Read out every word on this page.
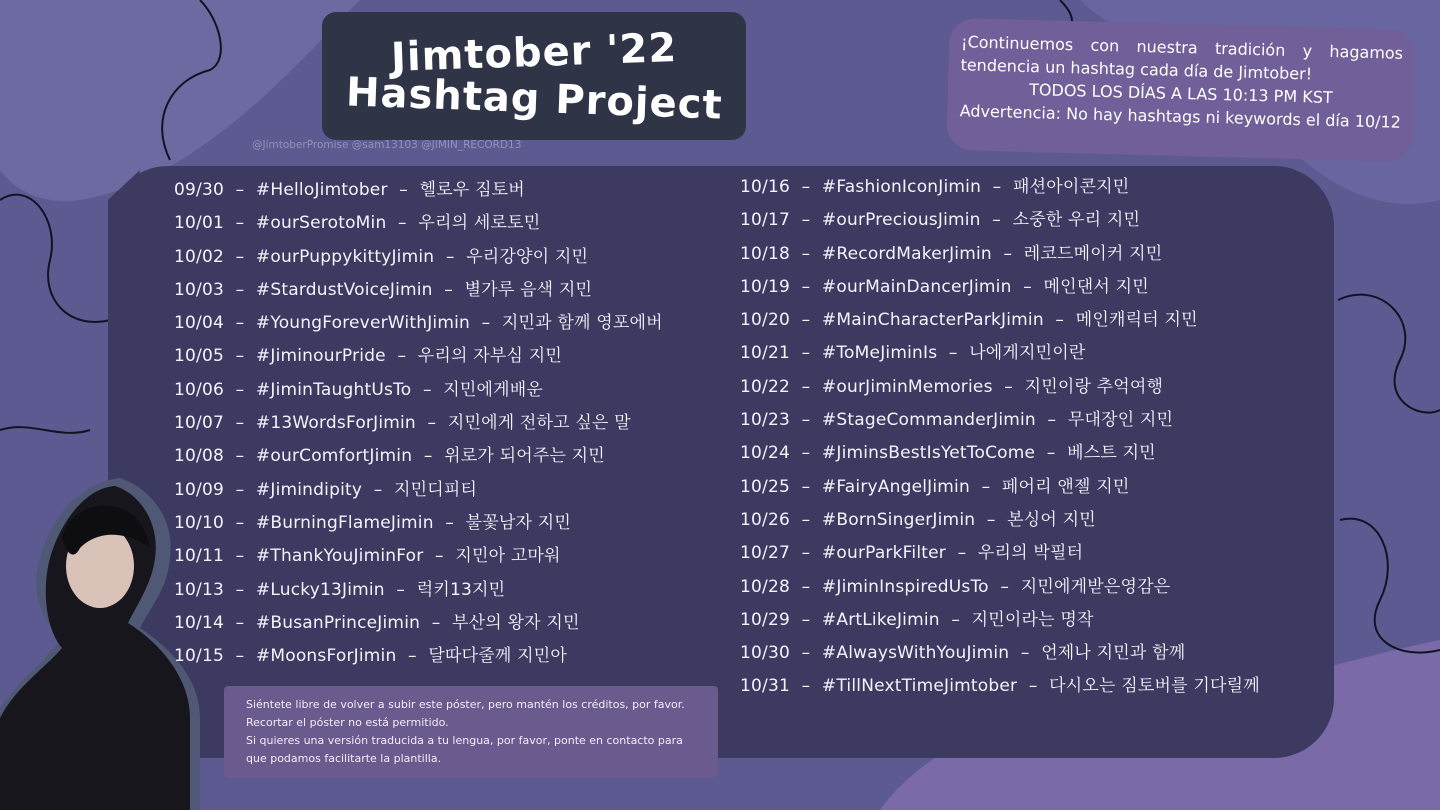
Jimtober '22
Hashtag Project
@JimtoberPromise @sam13103 @JIMIN_RECORD13
¡Continuemos con nuestra tradición y hagamos tendencia un hashtag cada día de Jimtober!
TODOS LOS DÍAS A LAS 10:13 PM KST
Advertencia: No hay hashtags ni keywords el día 10/12
09/30 – #HelloJimtober – 헬로우 짐토버
10/01 – #ourSerotoMin – 우리의 세로토민
10/02 – #ourPuppykittyJimin – 우리강양이 지민
10/03 – #StardustVoiceJimin – 별가루 음색 지민
10/04 – #YoungForeverWithJimin – 지민과 함께 영포에버
10/05 – #JiminourPride – 우리의 자부심 지민
10/06 – #JiminTaughtUsTo – 지민에게배운
10/07 – #13WordsForJimin – 지민에게 전하고 싶은 말
10/08 – #ourComfortJimin – 위로가 되어주는 지민
10/09 – #Jimindipity – 지민디피티
10/10 – #BurningFlameJimin – 불꽃남자 지민
10/11 – #ThankYouJiminFor – 지민아 고마워
10/13 – #Lucky13Jimin – 럭키13지민
10/14 – #BusanPrinceJimin – 부산의 왕자 지민
10/15 – #MoonsForJimin – 달따다줄께 지민아
10/16 – #FashionIconJimin – 패션아이콘지민
10/17 – #ourPreciousJimin – 소중한 우리 지민
10/18 – #RecordMakerJimin – 레코드메이커 지민
10/19 – #ourMainDancerJimin – 메인댄서 지민
10/20 – #MainCharacterParkJimin – 메인캐릭터 지민
10/21 – #ToMeJiminIs – 나에게지민이란
10/22 – #ourJiminMemories – 지민이랑 추억여행
10/23 – #StageCommanderJimin – 무대장인 지민
10/24 – #JiminsBestIsYetToCome – 베스트 지민
10/25 – #FairyAngelJimin – 페어리 앤젤 지민
10/26 – #BornSingerJimin – 본싱어 지민
10/27 – #ourParkFilter – 우리의 박필터
10/28 – #JiminInspiredUsTo – 지민에게받은영감은
10/29 – #ArtLikeJimin – 지민이라는 명작
10/30 – #AlwaysWithYouJimin – 언제나 지민과 함께
10/31 – #TillNextTimeJimtober – 다시오는 짐토버를 기다릴께
Siéntete libre de volver a subir este póster, pero mantén los créditos, por favor.
Recortar el póster no está permitido.
Si quieres una versión traducida a tu lengua, por favor, ponte en contacto para
que podamos facilitarte la plantilla.
